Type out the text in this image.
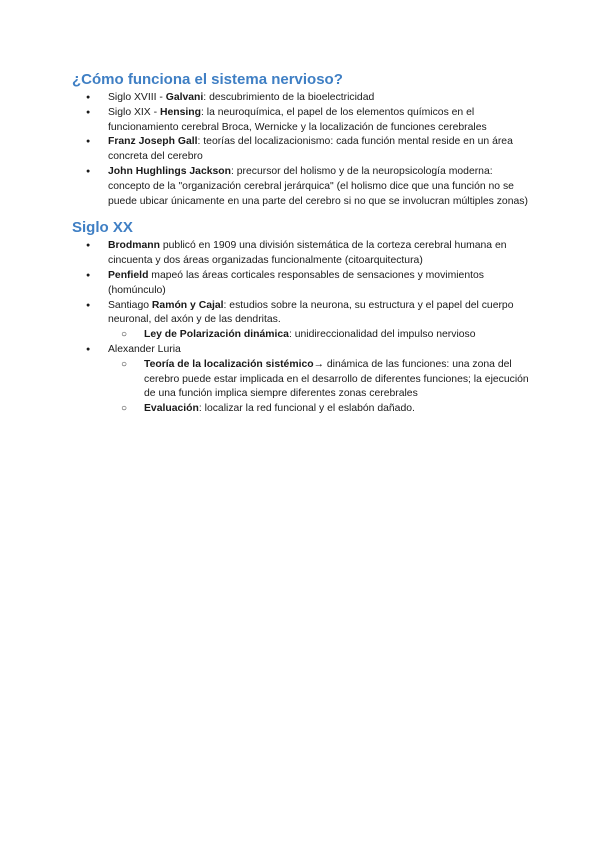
¿Cómo funciona el sistema nervioso?
● Siglo XVIII - Galvani: descubrimiento de la bioelectricidad
● Siglo XIX - Hensing: la neuroquímica, el papel de los elementos químicos en el funcionamiento cerebral Broca, Wernicke y la localización de funciones cerebrales
● Franz Joseph Gall: teorías del localizacionismo: cada función mental reside en un área concreta del cerebro
● John Hughlings Jackson: precursor del holismo y de la neuropsicología moderna: concepto de la "organización cerebral jerárquica" (el holismo dice que una función no se puede ubicar únicamente en una parte del cerebro si no que se involucran múltiples zonas)
Siglo XX
● Brodmann publicó en 1909 una división sistemática de la corteza cerebral humana en cincuenta y dos áreas organizadas funcionalmente (citoarquitectura)
● Penfield mapeó las áreas corticales responsables de sensaciones y movimientos (homúnculo)
● Santiago Ramón y Cajal: estudios sobre la neurona, su estructura y el papel del cuerpo neuronal, del axón y de las dendritas.
○ Ley de Polarización dinámica: unidireccionalidad del impulso nervioso
● Alexander Luria
○ Teoría de la localización sistémico→ dinámica de las funciones: una zona del cerebro puede estar implicada en el desarrollo de diferentes funciones; la ejecución de una función implica siempre diferentes zonas cerebrales
○ Evaluación: localizar la red funcional y el eslabón dañado.
